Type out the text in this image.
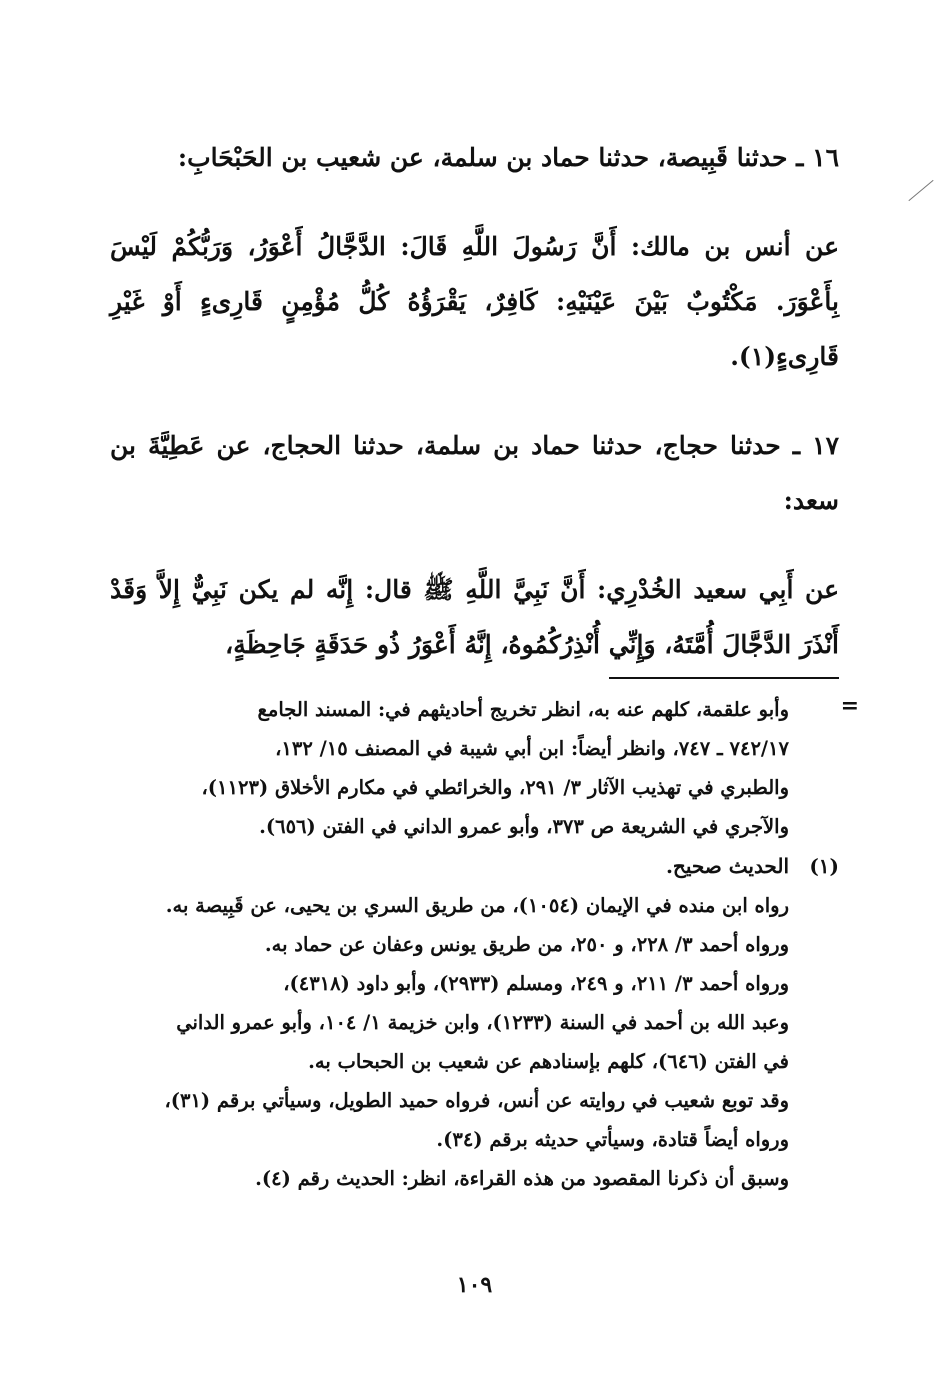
١٦ ـ حدثنا قَبِيصة، حدثنا حماد بن سلمة، عن شعيب بن الحَبْحَابِ:

عن أنس بن مالك: أَنَّ رَسُولَ اللَّهِ قَالَ: الدَّجَّالُ أَعْوَرُ، وَرَبُّكُمْ لَيْسَ بِأَعْوَرَ. مَكْتُوبٌ بَيْنَ عَيْنَيْهِ: كَافِرٌ، يَقْرَؤُهُ كُلُّ مُؤْمِنٍ قَارِىءٍ أَوْ غَيْرِ قَارِىءٍ(١).

١٧ ـ حدثنا حجاج، حدثنا حماد بن سلمة، حدثنا الحجاج، عن عَطِيَّةَ بن سعد:

عن أَبِي سعيد الخُدْرِي: أَنَّ نَبِيَّ اللَّهِ ﷺ قال: إِنَّه لم يكن نَبِيٌّ إِلاَّ وَقَدْ أَنْذَرَ الدَّجَّالَ أُمَّتَهُ، وَإِنِّي أُنْذِرُكُمُوهُ، إِنَّهُ أَعْوَرُ ذُو حَدَقَةٍ جَاحِظَةٍ،

=
وأبو علقمة، كلهم عنه به، انظر تخريج أحاديثهم في: المسند الجامع
٧٤٢/١٧ ـ ٧٤٧، وانظر أيضاً: ابن أبي شيبة في المصنف ١٥/ ١٣٢،
والطبري في تهذيب الآثار ٣/ ٢٩١، والخرائطي في مكارم الأخلاق (١١٢٣)،
والآجري في الشريعة ص ٣٧٣، وأبو عمرو الداني في الفتن (٦٥٦).
(١)
الحديث صحيح.
رواه ابن منده في الإيمان (١٠٥٤)، من طريق السري بن يحيى، عن قَبِيصة به.
ورواه أحمد ٣/ ٢٢٨، و ٢٥٠، من طريق يونس وعفان عن حماد به.
ورواه أحمد ٣/ ٢١١، و ٢٤٩، ومسلم (٢٩٣٣)، وأبو داود (٤٣١٨)،
وعبد الله بن أحمد في السنة (١٢٣٣)، وابن خزيمة ١/ ١٠٤، وأبو عمرو الداني
في الفتن (٦٤٦)، كلهم بإسنادهم عن شعيب بن الحبحاب به.
وقد توبع شعيب في روايته عن أنس، فرواه حميد الطويل، وسيأتي برقم (٣١)،
ورواه أيضاً قتادة، وسيأتي حديثه برقم (٣٤).
وسبق أن ذكرنا المقصود من هذه القراءة، انظر: الحديث رقم (٤).
١٠٩
